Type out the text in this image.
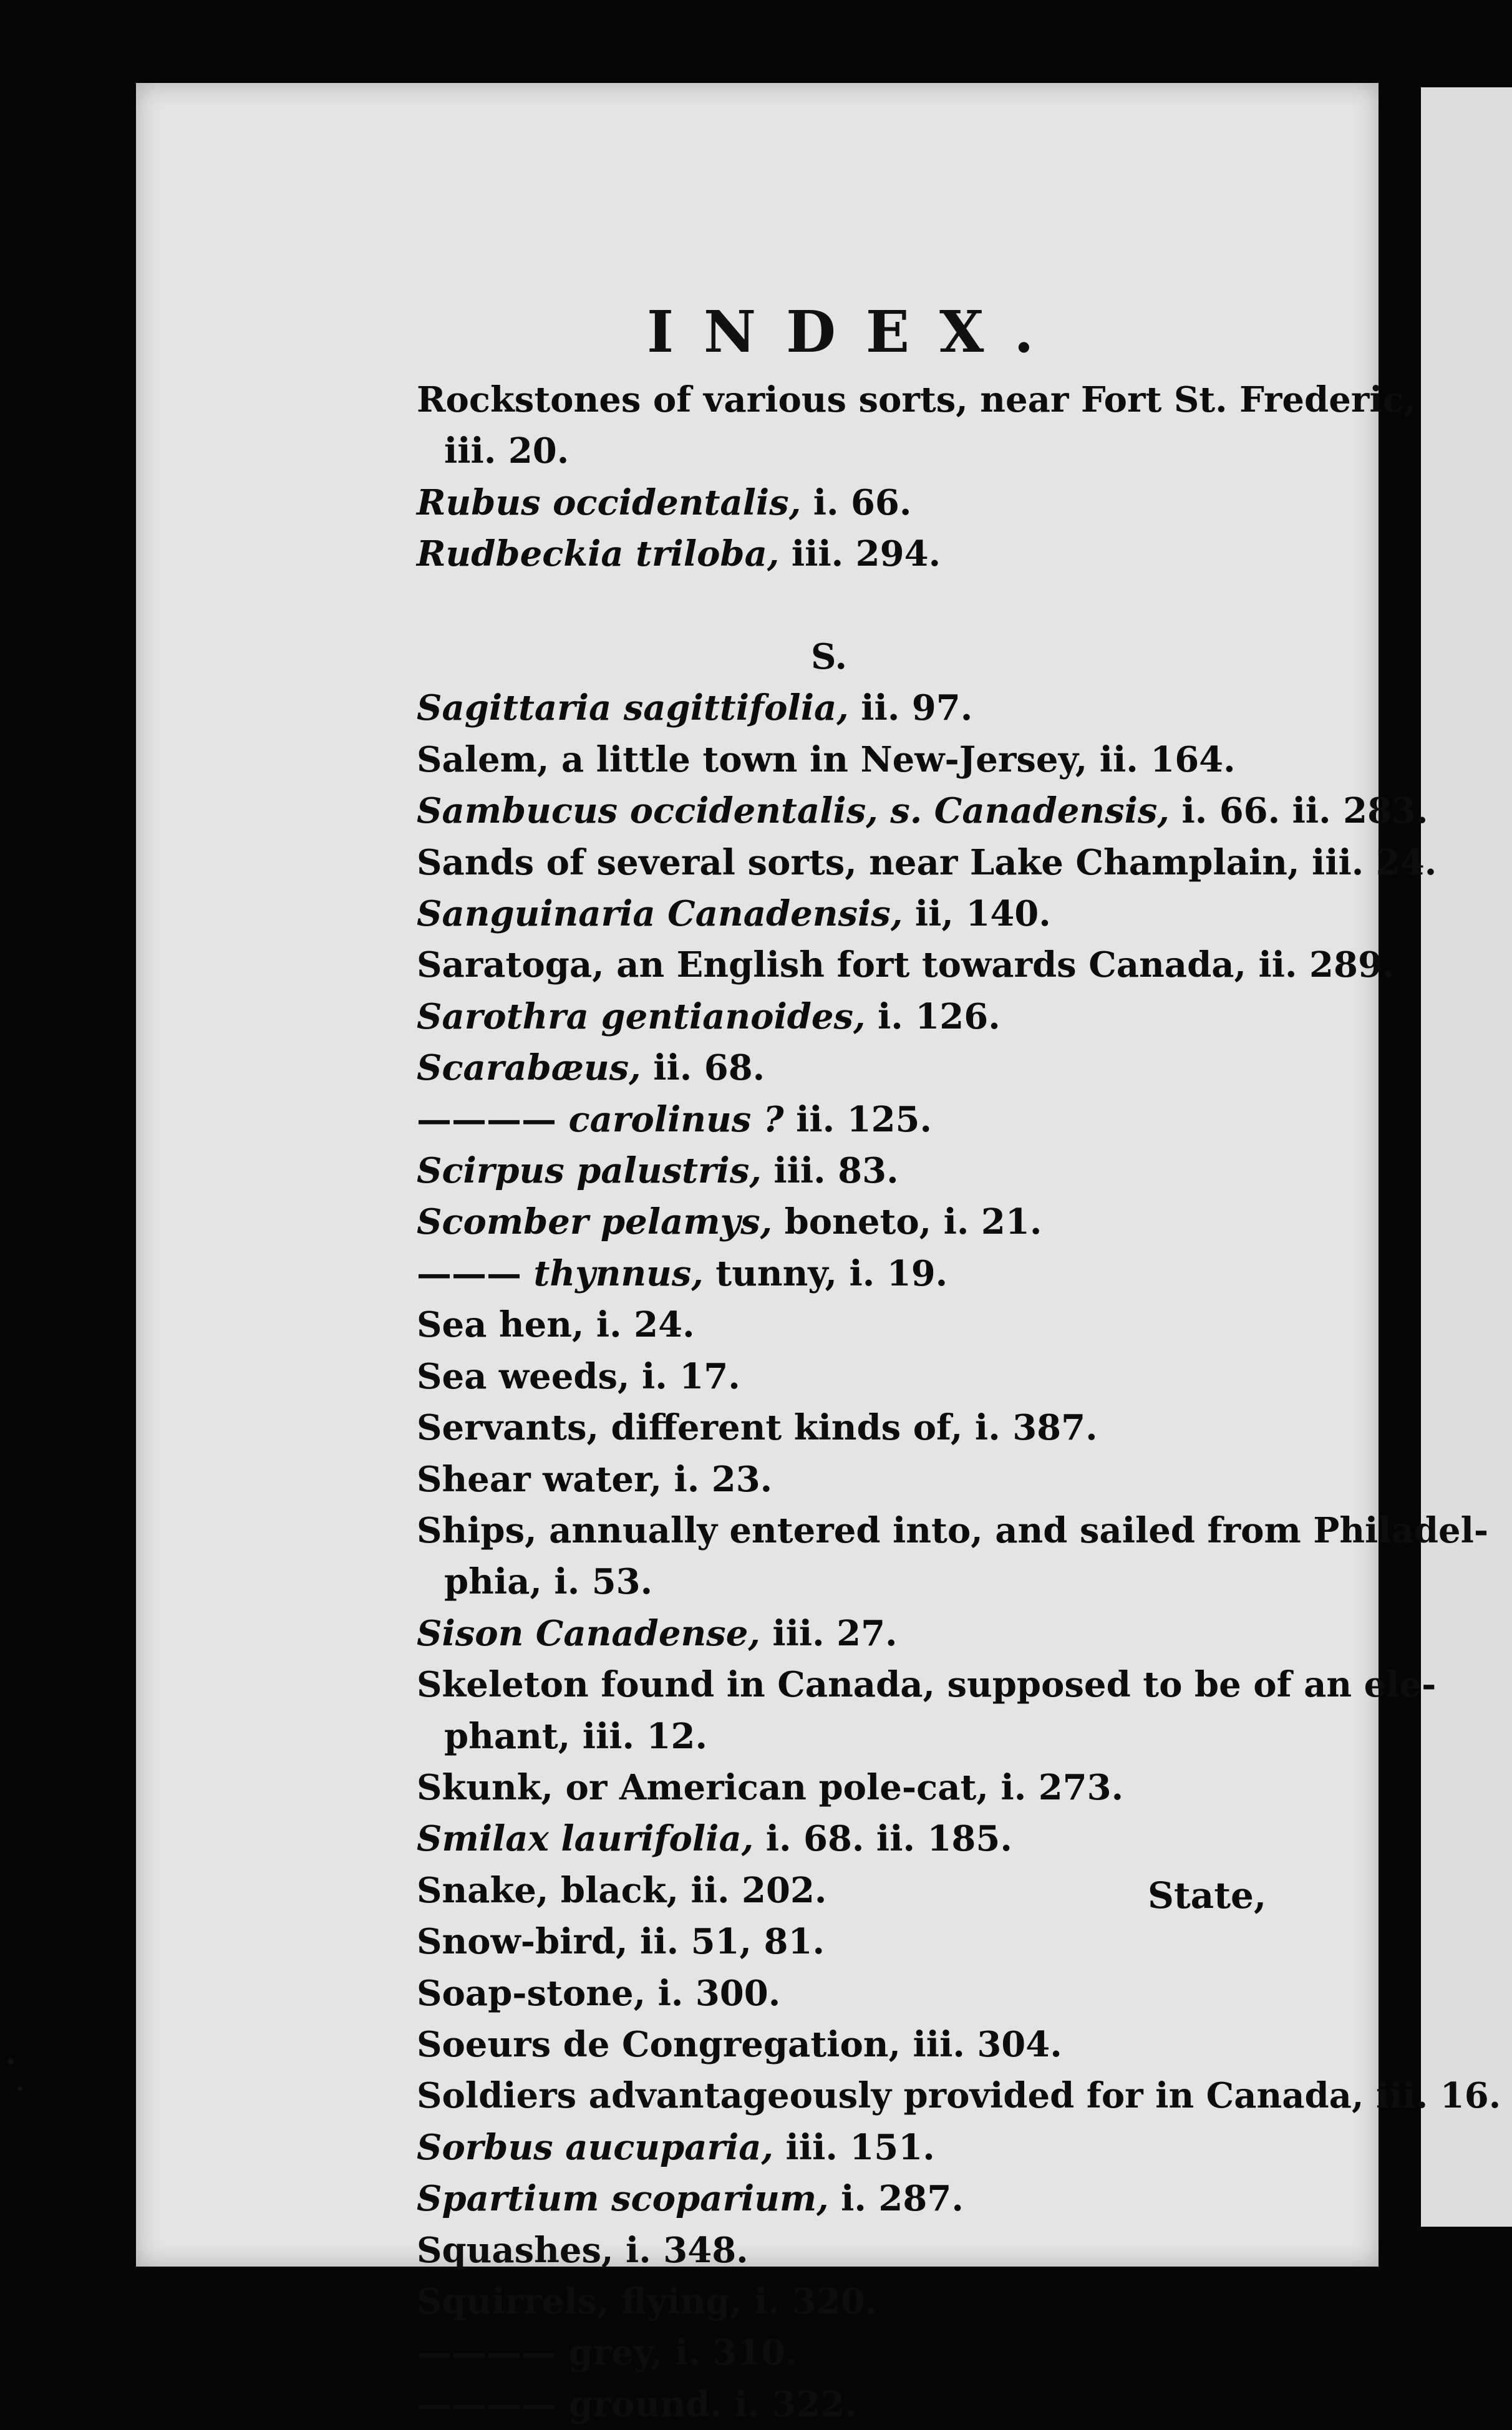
INDEX.
Rockstones of various sorts, near Fort St. Frederic,
iii. 20.
Rubus occidentalis, i. 66.
Rudbeckia triloba, iii. 294.
S.
Sagittaria sagittifolia, ii. 97.
Salem, a little town in New-Jersey, ii. 164.
Sambucus occidentalis, s. Canadensis, i. 66. ii. 283.
Sands of several sorts, near Lake Champlain, iii. 24.
Sanguinaria Canadensis, ii, 140.
Saratoga, an English fort towards Canada, ii. 289.
Sarothra gentianoides, i. 126.
Scarabæus, ii. 68.
———— carolinus ? ii. 125.
Scirpus palustris, iii. 83.
Scomber pelamys, boneto, i. 21.
——— thynnus, tunny, i. 19.
Sea hen, i. 24.
Sea weeds, i. 17.
Servants, different kinds of, i. 387.
Shear water, i. 23.
Ships, annually entered into, and sailed from Philadel-
phia, i. 53.
Sison Canadense, iii. 27.
Skeleton found in Canada, supposed to be of an ele-
phant, iii. 12.
Skunk, or American pole-cat, i. 273.
Smilax laurifolia, i. 68. ii. 185.
Snake, black, ii. 202.
Snow-bird, ii. 51, 81.
Soap-stone, i. 300.
Soeurs de Congregation, iii. 304.
Soldiers advantageously provided for in Canada, iii. 16.
Sorbus aucuparia, iii. 151.
Spartium scoparium, i. 287.
Squashes, i. 348.
Squirrels, flying, i. 320.
———— grey, i. 310.
———— ground. i. 322.
State,
